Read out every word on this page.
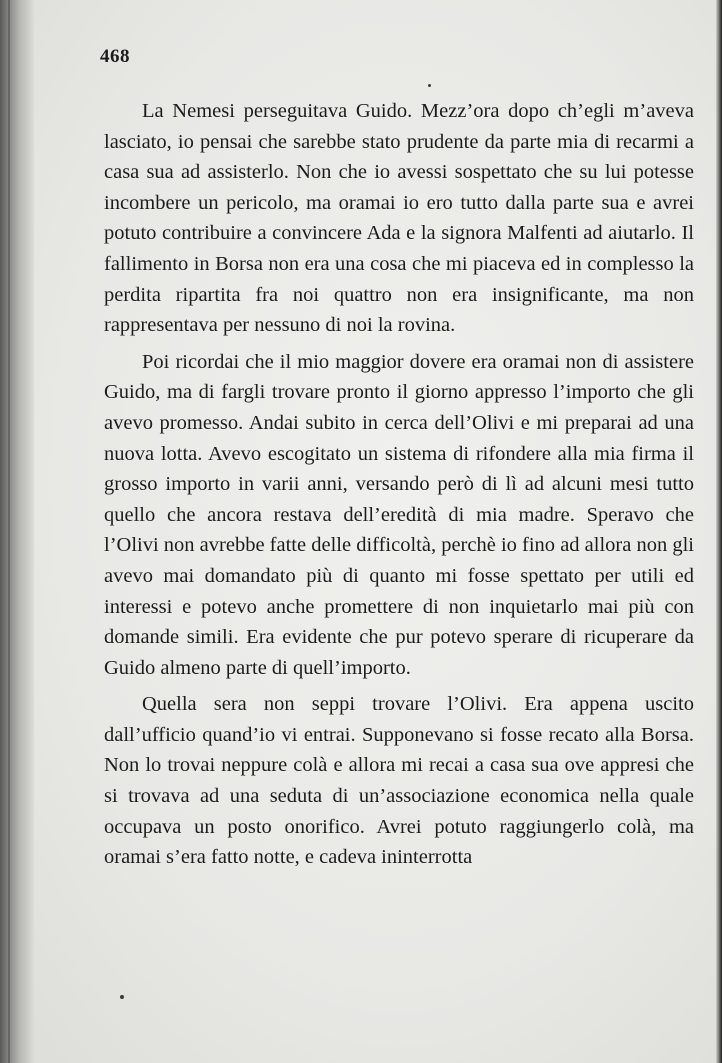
468

La Nemesi perseguitava Guido. Mezz’ora dopo ch’egli m’aveva lasciato, io pensai che sarebbe stato prudente da parte mia di recarmi a casa sua ad assisterlo. Non che io avessi sospettato che su lui potesse incombere un pericolo, ma oramai io ero tutto dalla parte sua e avrei potuto contribuire a convincere Ada e la signora Malfenti ad aiutarlo. Il fallimento in Borsa non era una cosa che mi piaceva ed in complesso la perdita ripartita fra noi quattro non era insignificante, ma non rappresentava per nessuno di noi la rovina.

Poi ricordai che il mio maggior dovere era oramai non di assistere Guido, ma di fargli trovare pronto il giorno appresso l’importo che gli avevo promesso. Andai subito in cerca dell’Olivi e mi preparai ad una nuova lotta. Avevo escogitato un sistema di rifondere alla mia firma il grosso importo in varii anni, versando però di lì ad alcuni mesi tutto quello che ancora restava dell’eredità di mia madre. Speravo che l’Olivi non avrebbe fatte delle difficoltà, perchè io fino ad allora non gli avevo mai domandato più di quanto mi fosse spettato per utili ed interessi e potevo anche promettere di non inquietarlo mai più con domande simili. Era evidente che pur potevo sperare di ricuperare da Guido almeno parte di quell’importo.

Quella sera non seppi trovare l’Olivi. Era appena uscito dall’ufficio quand’io vi entrai. Supponevano si fosse recato alla Borsa. Non lo trovai neppure colà e allora mi recai a casa sua ove appresi che si trovava ad una seduta di un’associazione economica nella quale occupava un posto onorifico. Avrei potuto raggiungerlo colà, ma oramai s’era fatto notte, e cadeva ininterrotta
